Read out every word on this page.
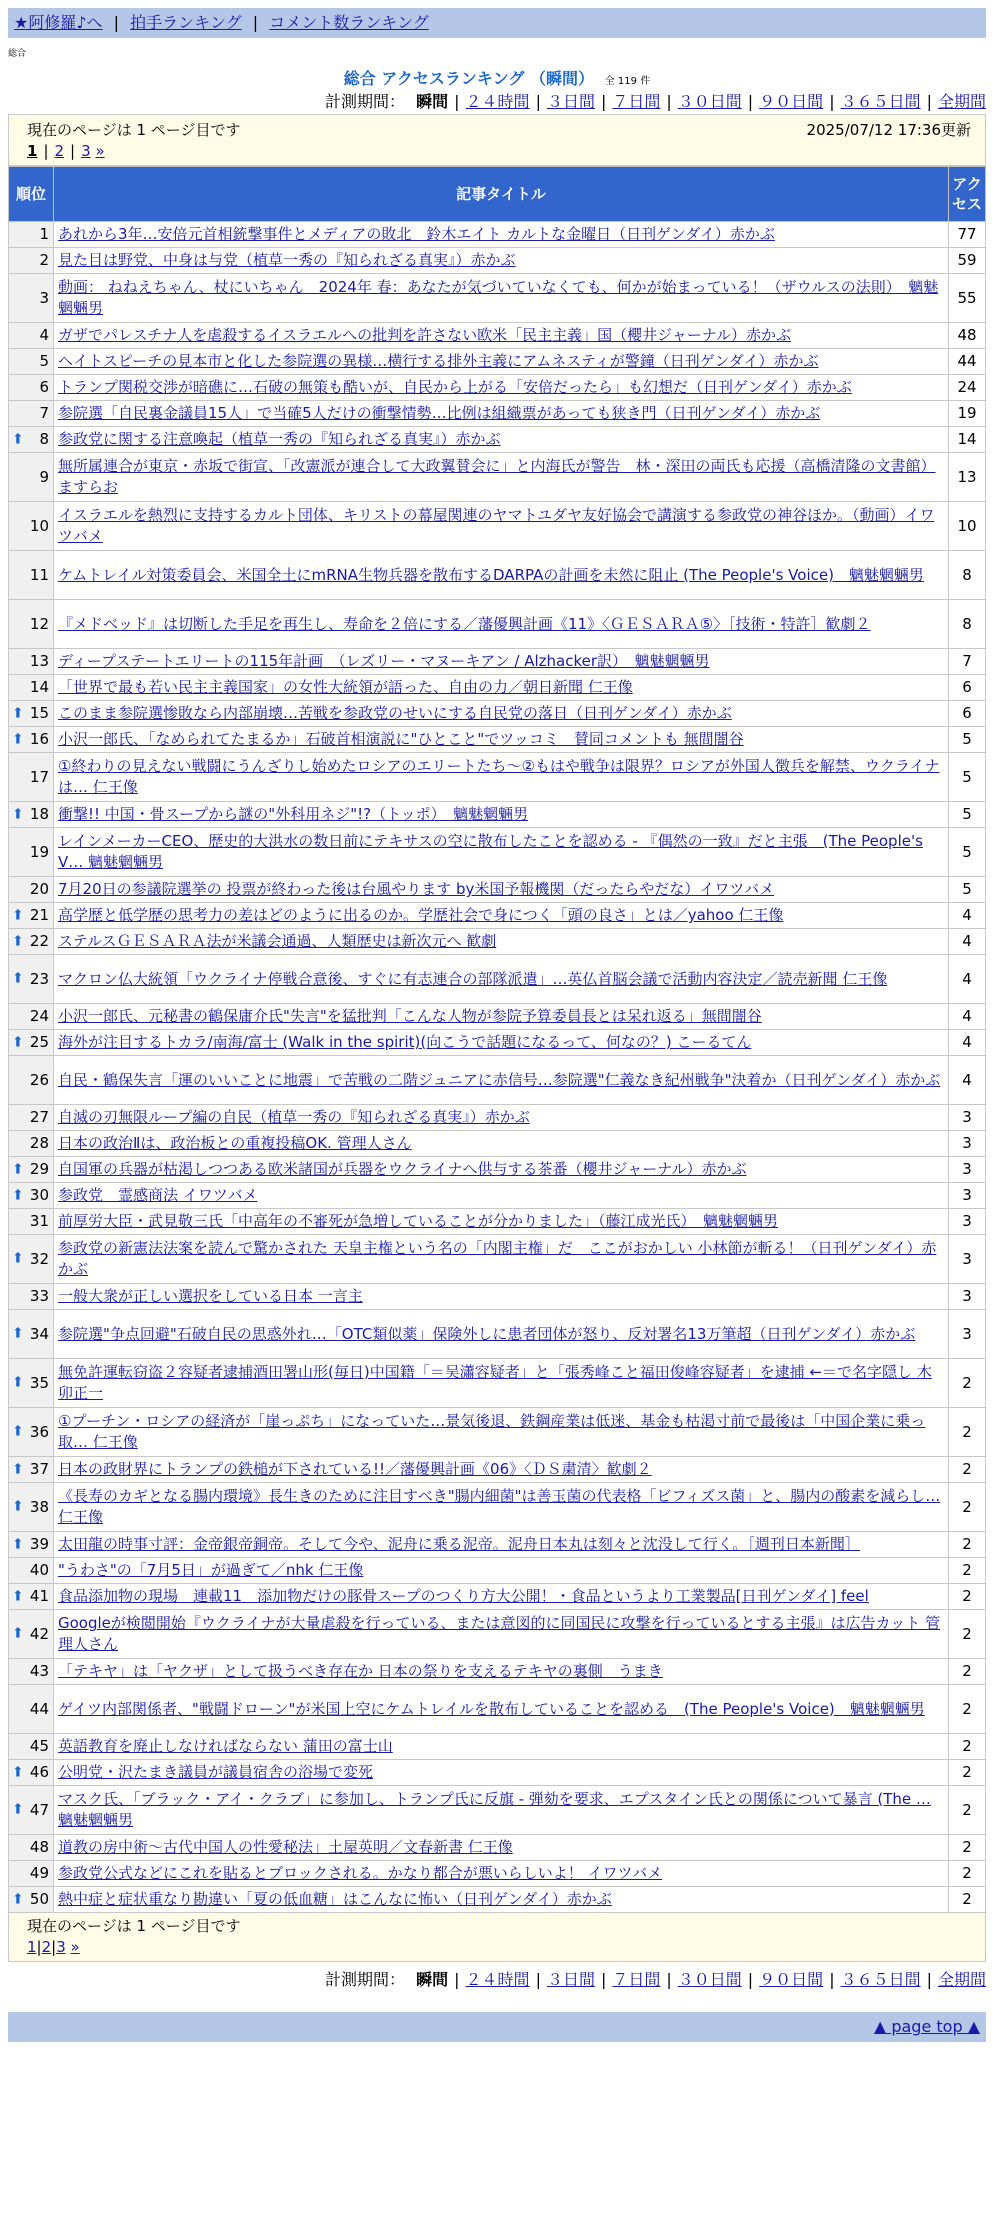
★阿修羅♪へ | 拍手ランキング | コメント数ランキング
総合
総合 アクセスランキング （瞬間） 全 119 件
計測期間： 瞬間 | ２４時間 | ３日間 | ７日間 | ３０日間 | ９０日間 | ３６５日間 | 全期間
現在のページは 1 ページ目です	2025/07/12 17:36更新
1 | 2 | 3 »
順位	記事タイトル	アクセス
1	あれから3年…安倍元首相銃撃事件とメディアの敗北　鈴木エイト カルトな金曜日（日刊ゲンダイ）赤かぶ	77
2	見た目は野党、中身は与党（植草一秀の『知られざる真実』）赤かぶ	59
3	動画： ねねえちゃん、杖にいちゃん　2024年 春：あなたが気づいていなくても、何かが始まっている！（ザウルスの法則）　魑魅魍魎男	55
4	ガザでパレスチナ人を虐殺するイスラエルへの批判を許さない欧米「民主主義」国（櫻井ジャーナル）赤かぶ	48
5	ヘイトスピーチの見本市と化した参院選の異様…横行する排外主義にアムネスティが警鐘（日刊ゲンダイ）赤かぶ	44
6	トランプ関税交渉が暗礁に…石破の無策も酷いが、自民から上がる「安倍だったら」も幻想だ（日刊ゲンダイ）赤かぶ	24
7	参院選「自民裏金議員15人」で当確5人だけの衝撃情勢…比例は組織票があっても狭き門（日刊ゲンダイ）赤かぶ	19

⬆ 8	参政党に関する注意喚起（植草一秀の『知られざる真実』）赤かぶ	14
9	無所属連合が東京・赤坂で街宣、「改憲派が連合して大政翼賛会に」と内海氏が警告　林・深田の両氏も応援（高橋清隆の文書館）ますらお	13
10	イスラエルを熱烈に支持するカルト団体、キリストの幕屋関連のヤマトユダヤ友好協会で講演する参政党の神谷ほか。（動画）イワツバメ	10
11	ケムトレイル対策委員会、米国全土にmRNA生物兵器を散布するDARPAの計画を未然に阻止 (The People's Voice)　魑魅魍魎男	8
12	『メドベッド』は切断した手足を再生し、寿命を２倍にする／藩優興計画《11》〈ＧＥＳＡＲＡ⑤〉［技術・特許］歓劇２	8
13	ディープステートエリートの115年計画　（レズリー・マヌーキアン / Alzhacker訳）　魑魅魍魎男	7
14	「世界で最も若い民主主義国家」の女性大統領が語った、自由の力／朝日新聞 仁王像	6

⬆ 15	このまま参院選惨敗なら内部崩壊…苦戦を参政党のせいにする自民党の落日（日刊ゲンダイ）赤かぶ	6

⬆ 16	小沢一郎氏、「なめられてたまるか」石破首相演説に"ひとこと"でツッコミ　賛同コメントも 無間闇谷	5
17	①終わりの見えない戦闘にうんざりし始めたロシアのエリートたち〜②もはや戦争は限界？ロシアが外国人徴兵を解禁、ウクライナは… 仁王像	5

⬆ 18	衝撃!! 中国・骨スープから謎の"外科用ネジ"!?（トッポ）　魑魅魍魎男	5
19	レインメーカーCEO、歴史的大洪水の数日前にテキサスの空に散布したことを認める - 『偶然の一致』だと主張　(The People's V… 魑魅魍魎男	5
20	7月20日の参議院選挙の 投票が終わった後は台風やります by米国予報機関（だったらやだな）イワツバメ	5

⬆ 21	高学歴と低学歴の思考力の差はどのように出るのか。学歴社会で身につく「頭の良さ」とは／yahoo 仁王像	4

⬆ 22	ステルスＧＥＳＡＲＡ法が米議会通過、人類歴史は新次元へ 歓劇	4

⬆ 23	マクロン仏大統領「ウクライナ停戦合意後、すぐに有志連合の部隊派遣」…英仏首脳会議で活動内容決定／読売新聞 仁王像	4
24	小沢一郎氏、元秘書の鶴保庸介氏"失言"を猛批判「こんな人物が参院予算委員長とは呆れ返る」無間闇谷	4

⬆ 25	海外が注目するトカラ/南海/富士 (Walk in the spirit)(向こうで話題になるって、何なの？) こーるてん	4
26	自民・鶴保失言「運のいいことに地震」で苦戦の二階ジュニアに赤信号…参院選"仁義なき紀州戦争"決着か（日刊ゲンダイ）赤かぶ	4
27	自滅の刃無限ループ編の自民（植草一秀の『知られざる真実』）赤かぶ	3
28	日本の政治Ⅱは、政治板との重複投稿OK. 管理人さん	3

⬆ 29	自国軍の兵器が枯渇しつつある欧米諸国が兵器をウクライナへ供与する茶番（櫻井ジャーナル）赤かぶ	3

⬆ 30	参政党　霊感商法 イワツバメ	3
31	前厚労大臣・武見敬三氏「中高年の不審死が急増していることが分かりました」（藤江成光氏）　魑魅魍魎男	3

⬆ 32	参政党の新憲法法案を読んで驚かされた 天皇主権という名の「内閣主権」だ　ここがおかしい 小林節が斬る！（日刊ゲンダイ）赤かぶ	3
33	一般大衆が正しい選択をしている日本 一言主	3

⬆ 34	参院選"争点回避"石破自民の思惑外れ…「OTC類似薬」保険外しに患者団体が怒り、反対署名13万筆超（日刊ゲンダイ）赤かぶ	3

⬆ 35	無免許運転窃盗２容疑者逮捕酒田署山形(毎日)中国籍「＝吴瀟容疑者」と「張秀峰こと福田俊峰容疑者」を逮捕 ←＝で名字隠し 木卯正一	2

⬆ 36	①プーチン・ロシアの経済が「崖っぷち」になっていた…景気後退、鉄鋼産業は低迷、基金も枯渇寸前で最後は「中国企業に乗っ取… 仁王像	2

⬆ 37	日本の政財界にトランプの鉄槌が下されている!!／藩優興計画《06》〈ＤＳ粛清〉歓劇２	2

⬆ 38	《長寿のカギとなる腸内環境》長生きのために注目すべき"腸内細菌"は善玉菌の代表格「ビフィズス菌」と、腸内の酸素を減らし… 仁王像	2

⬆ 39	太田龍の時事寸評：金帝銀帝銅帝。そして今や、泥舟に乗る泥帝。泥舟日本丸は刻々と沈没して行く。［週刊日本新聞］	2
40	"うわさ"の「7月5日」が過ぎて／nhk 仁王像	2

⬆ 41	食品添加物の現場　連載11　添加物だけの豚骨スープのつくり方大公開！・食品というより工業製品[日刊ゲンダイ] feel	2

⬆ 42	Googleが検閲開始『ウクライナが大量虐殺を行っている、または意図的に同国民に攻撃を行っているとする主張』は広告カット 管理人さん	2
43	「テキヤ」は「ヤクザ」として扱うべき存在か 日本の祭りを支えるテキヤの裏側　うまき	2
44	ゲイツ内部関係者、"戦闘ドローン"が米国上空にケムトレイルを散布していることを認める　(The People's Voice)　魑魅魍魎男	2
45	英語教育を廃止しなければならない 蒲田の富士山	2

⬆ 46	公明党・沢たまき議員が議員宿舎の浴場で変死	2

⬆ 47	マスク氏、「ブラック・アイ・クラブ」に参加し、トランプ氏に反旗 - 弾劾を要求、エプスタイン氏との関係について暴言 (The … 魑魅魍魎男	2
48	道教の房中術〜古代中国人の性愛秘法」土屋英明／文春新書 仁王像	2
49	参政党公式などにこれを貼るとブロックされる。かなり都合が悪いらしいよ！ イワツバメ	2

⬆ 50	熱中症と症状重なり勘違い「夏の低血糖」はこんなに怖い（日刊ゲンダイ）赤かぶ	2
現在のページは 1 ページ目です
1|2|3 »
計測期間： 瞬間 | ２４時間 | ３日間 | ７日間 | ３０日間 | ９０日間 | ３６５日間 | 全期間
▲ page top ▲
